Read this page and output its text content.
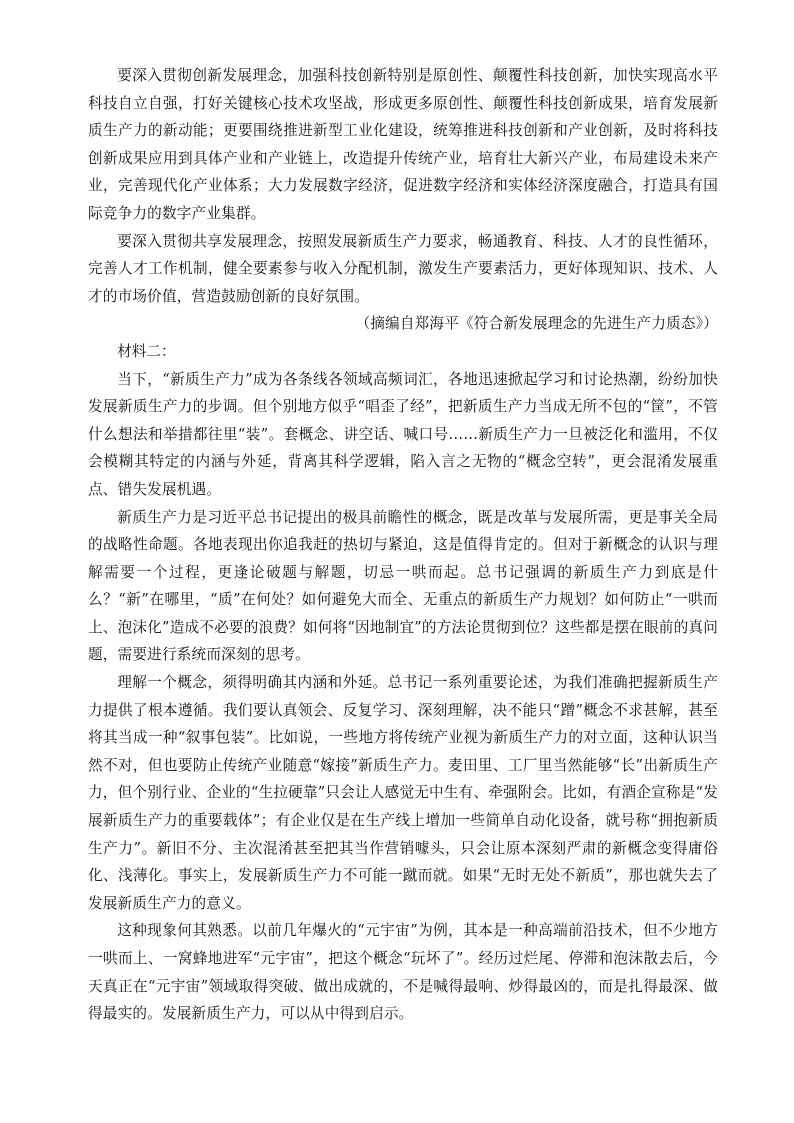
要深入贯彻创新发展理念，加强科技创新特别是原创性、颠覆性科技创新，加快实现高水平科技自立自强，打好关键核心技术攻坚战，形成更多原创性、颠覆性科技创新成果，培育发展新质生产力的新动能；更要围绕推进新型工业化建设，统筹推进科技创新和产业创新，及时将科技创新成果应用到具体产业和产业链上，改造提升传统产业，培育壮大新兴产业，布局建设未来产业，完善现代化产业体系；大力发展数字经济，促进数字经济和实体经济深度融合，打造具有国际竞争力的数字产业集群。

要深入贯彻共享发展理念，按照发展新质生产力要求，畅通教育、科技、人才的良性循环，完善人才工作机制，健全要素参与收入分配机制，激发生产要素活力，更好体现知识、技术、人才的市场价值，营造鼓励创新的良好氛围。

（摘编自郑海平《符合新发展理念的先进生产力质态》）

材料二：

当下，“新质生产力”成为各条线各领域高频词汇，各地迅速掀起学习和讨论热潮，纷纷加快发展新质生产力的步调。但个别地方似乎“唱歪了经”，把新质生产力当成无所不包的“筐”，不管什么想法和举措都往里“装”。套概念、讲空话、喊口号……新质生产力一旦被泛化和滥用，不仅会模糊其特定的内涵与外延，背离其科学逻辑，陷入言之无物的“概念空转”，更会混淆发展重点、错失发展机遇。

新质生产力是习近平总书记提出的极具前瞻性的概念，既是改革与发展所需，更是事关全局的战略性命题。各地表现出你追我赶的热切与紧迫，这是值得肯定的。但对于新概念的认识与理解需要一个过程，更逢论破题与解题，切忌一哄而起。总书记强调的新质生产力到底是什么？“新”在哪里，“质”在何处？如何避免大而全、无重点的新质生产力规划？如何防止“一哄而上、泡沫化”造成不必要的浪费？如何将“因地制宜”的方法论贯彻到位？这些都是摆在眼前的真问题，需要进行系统而深刻的思考。

理解一个概念，须得明确其内涵和外延。总书记一系列重要论述，为我们准确把握新质生产力提供了根本遵循。我们要认真领会、反复学习、深刻理解，决不能只“蹭”概念不求甚解，甚至将其当成一种“叙事包装”。比如说，一些地方将传统产业视为新质生产力的对立面，这种认识当然不对，但也要防止传统产业随意“嫁接”新质生产力。麦田里、工厂里当然能够“长”出新质生产力，但个别行业、企业的“生拉硬靠”只会让人感觉无中生有、牵强附会。比如，有酒企宣称是“发展新质生产力的重要载体”；有企业仅是在生产线上增加一些简单自动化设备，就号称“拥抱新质生产力”。新旧不分、主次混淆甚至把其当作营销噱头，只会让原本深刻严肃的新概念变得庸俗化、浅薄化。事实上，发展新质生产力不可能一蹴而就。如果“无时无处不新质”，那也就失去了发展新质生产力的意义。

这种现象何其熟悉。以前几年爆火的“元宇宙”为例，其本是一种高端前沿技术，但不少地方一哄而上、一窝蜂地进军“元宇宙”，把这个概念“玩坏了”。经历过烂尾、停滞和泡沫散去后，今天真正在“元宇宙”领域取得突破、做出成就的，不是喊得最响、炒得最凶的，而是扎得最深、做得最实的。发展新质生产力，可以从中得到启示。
